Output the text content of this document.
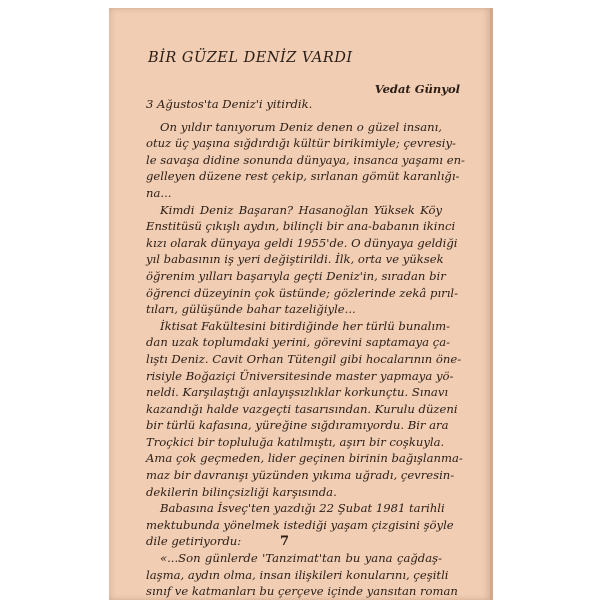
BİR GÜZEL DENİZ VARDI
Vedat Günyol
3 Ağustos'ta Deniz'i yitirdik.
On yıldır tanıyorum Deniz denen o güzel insanı,
otuz üç yaşına sığdırdığı kültür birikimiyle; çevresiy-
le savaşa didine sonunda dünyaya, insanca yaşamı en-
gelleyen düzene rest çekip, sırlanan gömüt karanlığı-
na...
Kimdi Deniz Başaran? Hasanoğlan Yüksek Köy
Enstitüsü çıkışlı aydın, bilinçli bir ana-babanın ikinci
kızı olarak dünyaya geldi 1955'de. O dünyaya geldiği
yıl babasının iş yeri değiştirildi. İlk, orta ve yüksek
öğrenim yılları başarıyla geçti Deniz'in, sıradan bir
öğrenci düzeyinin çok üstünde; gözlerinde zekâ pırıl-
tıları, gülüşünde bahar tazeliğiyle...
İktisat Fakültesini bitirdiğinde her türlü bunalım-
dan uzak toplumdaki yerini, görevini saptamaya ça-
lıştı Deniz. Cavit Orhan Tütengil gibi hocalarının öne-
risiyle Boğaziçi Üniversitesinde master yapmaya yö-
neldi. Karşılaştığı anlayışsızlıklar korkunçtu. Sınavı
kazandığı halde vazgeçti tasarısından. Kurulu düzeni
bir türlü kafasına, yüreğine sığdıramıyordu. Bir ara
Troçkici bir topluluğa katılmıştı, aşırı bir coşkuyla.
Ama çok geçmeden, lider geçinen birinin bağışlanma-
maz bir davranışı yüzünden yıkıma uğradı, çevresin-
dekilerin bilinçsizliği karşısında.
Babasına İsveç'ten yazdığı 22 Şubat 1981 tarihli
mektubunda yönelmek istediği yaşam çizgisini şöyle
dile getiriyordu:
«...Son günlerde 'Tanzimat'tan bu yana çağdaş-
laşma, aydın olma, insan ilişkileri konularını, çeşitli
sınıf ve katmanları bu çerçeve içinde yansıtan roman
7
